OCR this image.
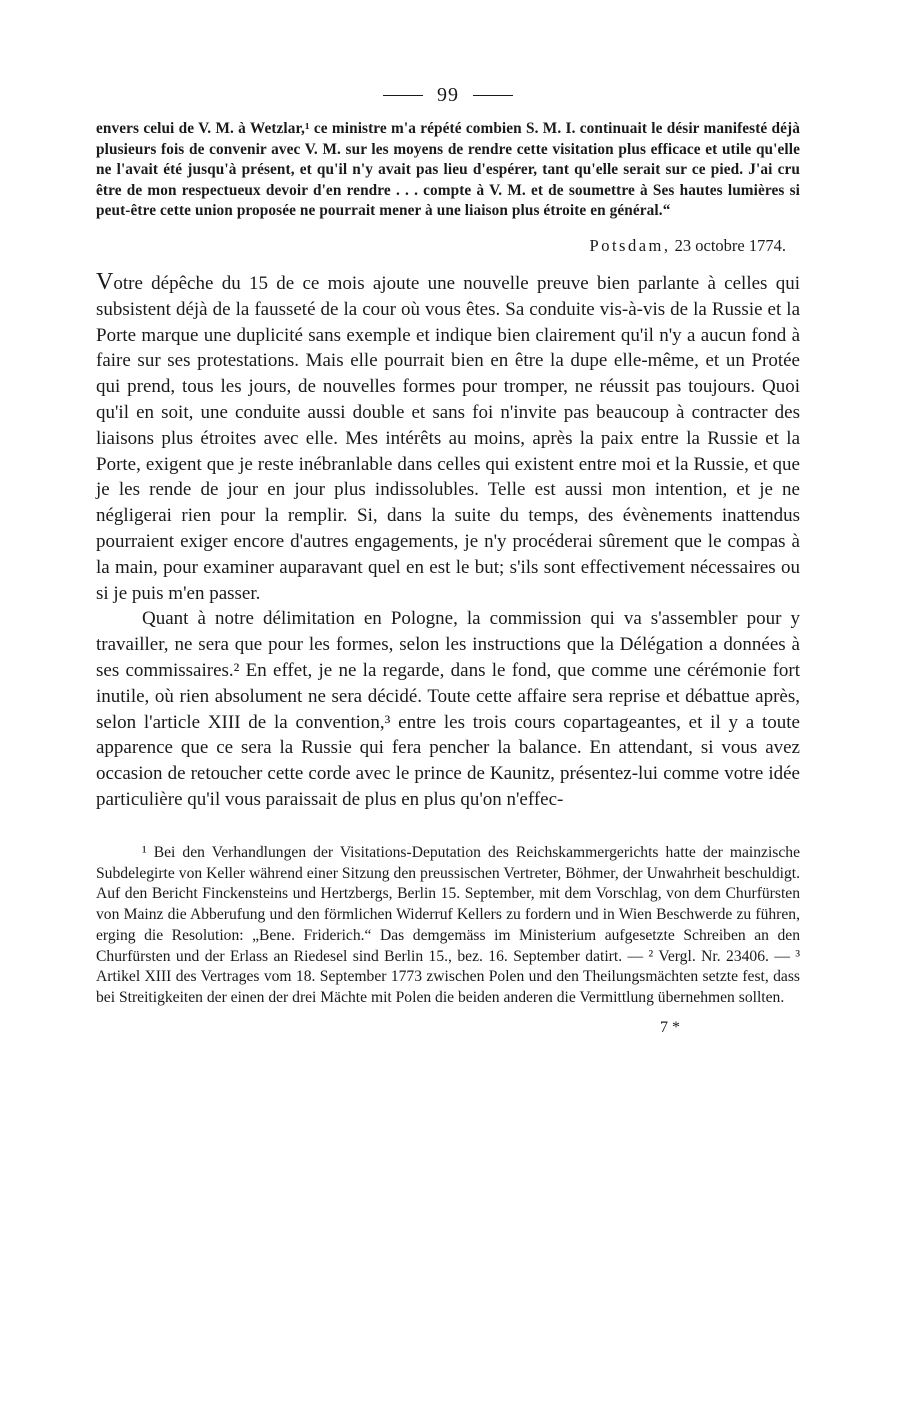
99

envers celui de V. M. à Wetzlar,¹ ce ministre m'a répété combien S. M. I. continuait le désir manifesté déjà plusieurs fois de convenir avec V. M. sur les moyens de rendre cette visitation plus efficace et utile qu'elle ne l'avait été jusqu'à présent, et qu'il n'y avait pas lieu d'espérer, tant qu'elle serait sur ce pied. J'ai cru être de mon respectueux devoir d'en rendre . . . compte à V. M. et de soumettre à Ses hautes lumières si peut-être cette union proposée ne pourrait mener à une liaison plus étroite en général.“

Potsdam, 23 octobre 1774.

Votre dépêche du 15 de ce mois ajoute une nouvelle preuve bien parlante à celles qui subsistent déjà de la fausseté de la cour où vous êtes. Sa conduite vis-à-vis de la Russie et la Porte marque une duplicité sans exemple et indique bien clairement qu'il n'y a aucun fond à faire sur ses protestations. Mais elle pourrait bien en être la dupe elle-même, et un Protée qui prend, tous les jours, de nouvelles formes pour tromper, ne réussit pas toujours. Quoi qu'il en soit, une conduite aussi double et sans foi n'invite pas beaucoup à contracter des liaisons plus étroites avec elle. Mes intérêts au moins, après la paix entre la Russie et la Porte, exigent que je reste inébranlable dans celles qui existent entre moi et la Russie, et que je les rende de jour en jour plus indissolubles. Telle est aussi mon intention, et je ne négligerai rien pour la remplir. Si, dans la suite du temps, des évènements inattendus pourraient exiger encore d'autres engagements, je n'y procéderai sûrement que le compas à la main, pour examiner auparavant quel en est le but; s'ils sont effectivement nécessaires ou si je puis m'en passer.

Quant à notre délimitation en Pologne, la commission qui va s'assembler pour y travailler, ne sera que pour les formes, selon les instructions que la Délégation a données à ses commissaires.² En effet, je ne la regarde, dans le fond, que comme une cérémonie fort inutile, où rien absolument ne sera décidé. Toute cette affaire sera reprise et débattue après, selon l'article XIII de la convention,³ entre les trois cours copartageantes, et il y a toute apparence que ce sera la Russie qui fera pencher la balance. En attendant, si vous avez occasion de retoucher cette corde avec le prince de Kaunitz, présentez-lui comme votre idée particulière qu'il vous paraissait de plus en plus qu'on n'effec-

¹ Bei den Verhandlungen der Visitations-Deputation des Reichskammergerichts hatte der mainzische Subdelegirte von Keller während einer Sitzung den preussischen Vertreter, Böhmer, der Unwahrheit beschuldigt. Auf den Bericht Finckensteins und Hertzbergs, Berlin 15. September, mit dem Vorschlag, von dem Churfürsten von Mainz die Abberufung und den förmlichen Widerruf Kellers zu fordern und in Wien Beschwerde zu führen, erging die Resolution: „Bene. Friderich.“ Das demgemäss im Ministerium aufgesetzte Schreiben an den Churfürsten und der Erlass an Riedesel sind Berlin 15., bez. 16. September datirt. — ² Vergl. Nr. 23406. — ³ Artikel XIII des Vertrages vom 18. September 1773 zwischen Polen und den Theilungsmächten setzte fest, dass bei Streitigkeiten der einen der drei Mächte mit Polen die beiden anderen die Vermittlung übernehmen sollten.

7 *
